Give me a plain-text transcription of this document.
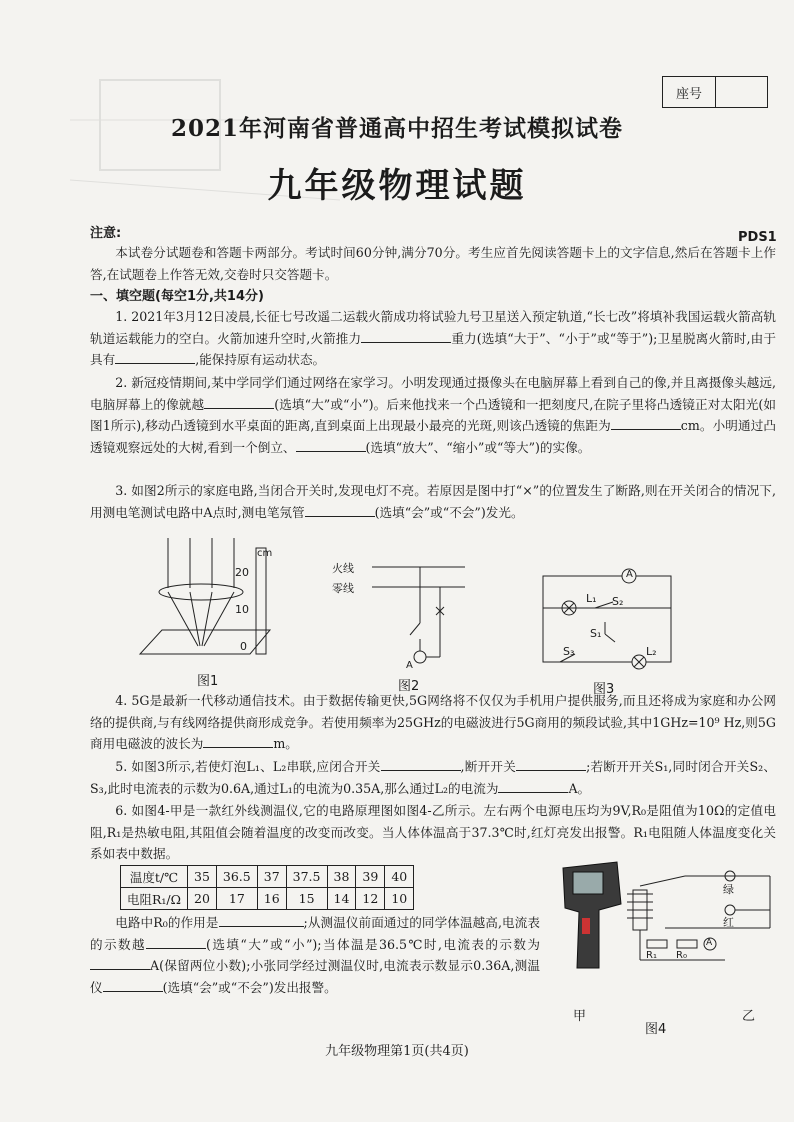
座号
2021年河南省普通高中招生考试模拟试卷
九年级物理试题
注意:	PDS1

本试卷分试题卷和答题卡两部分。考试时间60分钟,满分70分。考生应首先阅读答题卡上的文字信息,然后在答题卡上作答,在试题卷上作答无效,交卷时只交答题卡。

一、填空题(每空1分,共14分)

1. 2021年3月12日凌晨,长征七号改遥二运载火箭成功将试验九号卫星送入预定轨道,“长七改”将填补我国运载火箭高轨轨道运载能力的空白。火箭加速升空时,火箭推力	重力(选填“大于”、“小于”或“等于”);卫星脱离火箭时,由于具有	,能保持原有运动状态。

2. 新冠疫情期间,某中学同学们通过网络在家学习。小明发现通过摄像头在电脑屏幕上看到自己的像,并且离摄像头越远,电脑屏幕上的像就越	(选填“大”或“小”)。后来他找来一个凸透镜和一把刻度尺,在院子里将凸透镜正对太阳光(如图1所示),移动凸透镜到水平桌面的距离,直到桌面上出现最小最亮的光斑,则该凸透镜的焦距为	cm。小明通过凸透镜观察远处的大树,看到一个倒立、	(选填“放大”、“缩小”或“等大”)的实像。

3. 如图2所示的家庭电路,当闭合开关时,发现电灯不亮。若原因是图中打“×”的位置发生了断路,则在开关闭合的情况下,用测电笔测试电路中A点时,测电笔氖管	(选填“会”或“不会”)发光。

cm
20
10
0
图1
火线
零线
A
图2
A
L₁ S₂
S₁
S₃	L₂
图3

4. 5G是最新一代移动通信技术。由于数据传输更快,5G网络将不仅仅为手机用户提供服务,而且还将成为家庭和办公网络的提供商,与有线网络提供商形成竞争。若使用频率为25GHz的电磁波进行5G商用的频段试验,其中1GHz=10⁹ Hz,则5G商用电磁波的波长为	m。

5. 如图3所示,若使灯泡L₁、L₂串联,应闭合开关	,断开开关	;若断开开关S₁,同时闭合开关S₂、S₃,此时电流表的示数为0.6A,通过L₁的电流为0.35A,那么通过L₂的电流为	A。

6. 如图4-甲是一款红外线测温仪,它的电路原理图如图4-乙所示。左右两个电源电压均为9V,R₀是阻值为10Ω的定值电阻,R₁是热敏电阻,其阻值会随着温度的改变而改变。当人体体温高于37.3℃时,红灯亮发出报警。R₁电阻随人体温度变化关系如表中数据。

温度t/℃	35	36.5	37	37.5	38	39	40
电阻R₁/Ω	20	17	16	15	14	12	10

电路中R₀的作用是	;从测温仪前面通过的同学体温越高,电流表的示数越	(选填“大”或“小”);当体温是36.5℃时,电流表的示数为A(保留两位小数);小张同学经过测温仪时,电流表示数显示0.36A,测温仪	(选填“会”或“不会”)发出报警。

绿
红
R₁ R₀
A
甲
图4
乙
九年级物理第1页(共4页)
